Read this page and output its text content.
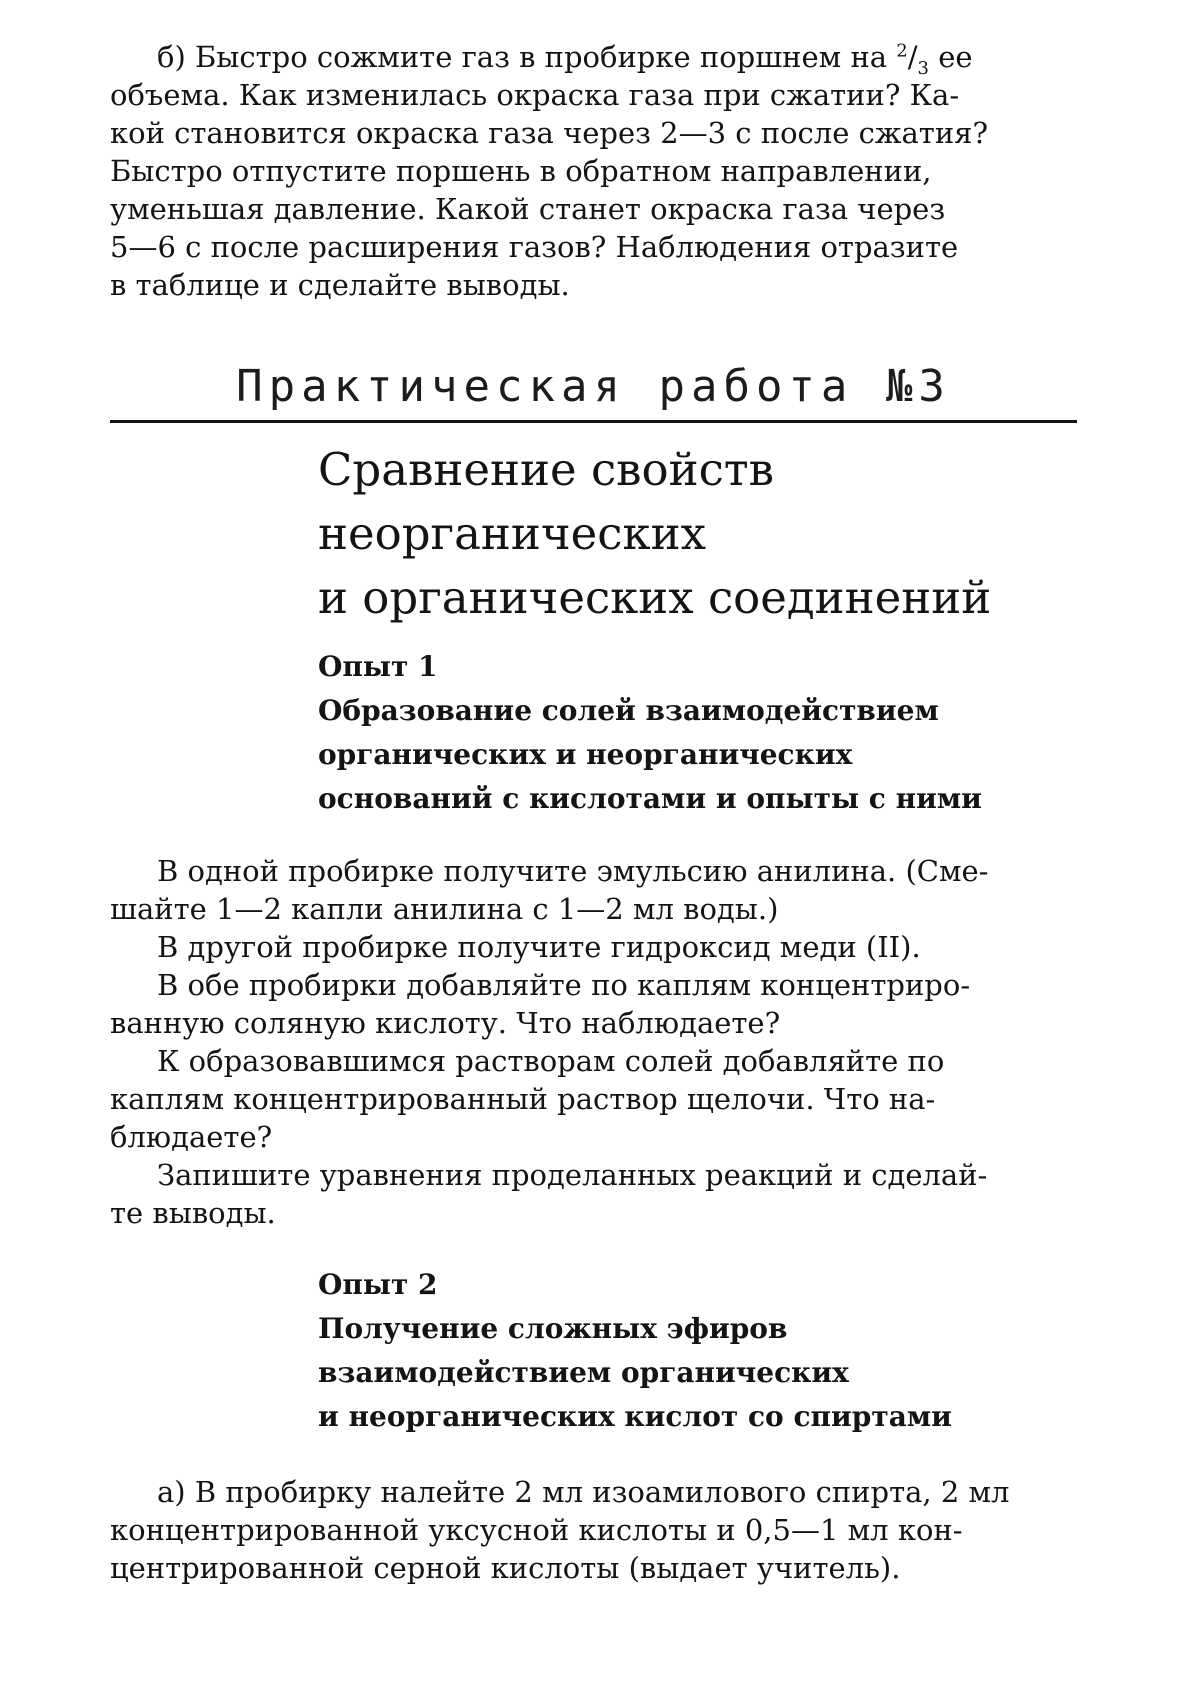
б) Быстро сожмите газ в пробирке поршнем на $^2/_3$ ее
объема. Как изменилась окраска газа при сжатии? Ка-
кой становится окраска газа через 2—3 с после сжатия?
Быстро отпустите поршень в обратном направлении,
уменьшая давление. Какой станет окраска газа через
5—6 с после расширения газов? Наблюдения отразите
в таблице и сделайте выводы.
Практическая работа №3
Сравнение свойств
неорганических
и органических соединений
Опыт 1
Образование солей взаимодействием
органических и неорганических
оснований с кислотами и опыты с ними
В одной пробирке получите эмульсию анилина. (Сме-
шайте 1—2 капли анилина с 1—2 мл воды.)
В другой пробирке получите гидроксид меди (II).
В обе пробирки добавляйте по каплям концентриро-
ванную соляную кислоту. Что наблюдаете?
К образовавшимся растворам солей добавляйте по
каплям концентрированный раствор щелочи. Что на-
блюдаете?
Запишите уравнения проделанных реакций и сделай-
те выводы.
Опыт 2
Получение сложных эфиров
взаимодействием органических
и неорганических кислот со спиртами
а) В пробирку налейте 2 мл изоамилового спирта, 2 мл
концентрированной уксусной кислоты и 0,5—1 мл кон-
центрированной серной кислоты (выдает учитель).
